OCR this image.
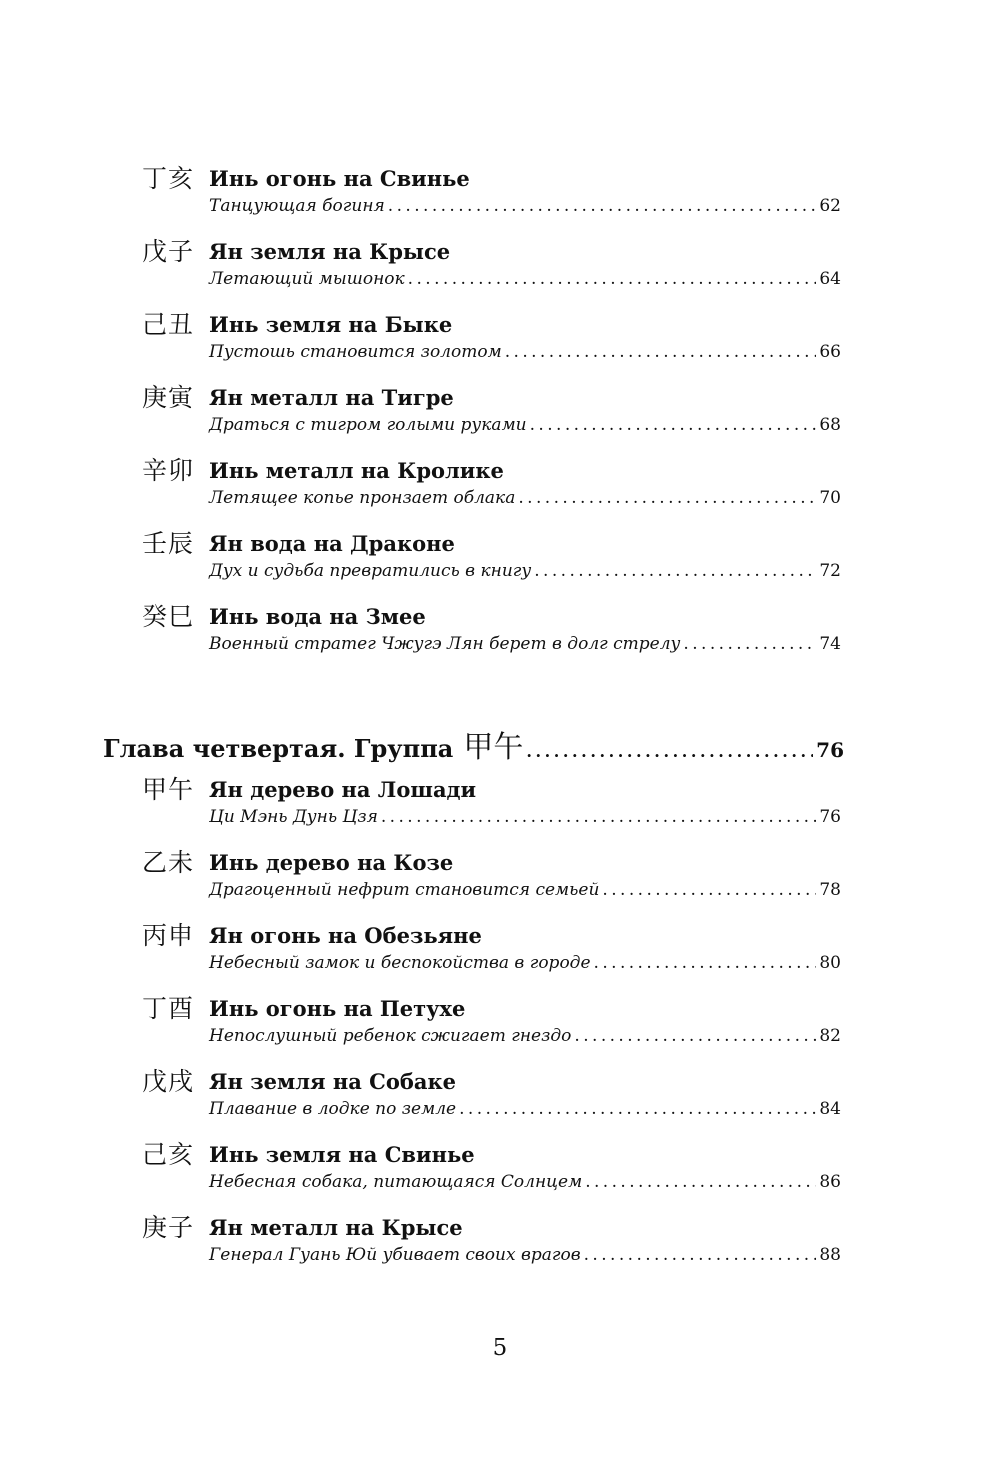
丁亥 Инь огонь на Свинье
Танцующая богиня . . .	62
戊子 Ян земля на Крысе
Летающий мышонок . . .	64
己丑 Инь земля на Быке
Пустошь становится золотом . . .	66
庚寅 Ян металл на Тигре
Драться с тигром голыми руками . . .	68
辛卯 Инь металл на Кролике
Летящее копье пронзает облака . . .	70
壬辰 Ян вода на Драконе
Дух и судьба превратились в книгу . . .	72
癸巳 Инь вода на Змее
Военный стратег Чжугэ Лян берет в долг стрелу . . .	74
Глава четвертая. Группа 甲午 . . .	76
甲午 Ян дерево на Лошади
Ци Мэнь Дунь Цзя . . .	76
乙未 Инь дерево на Козе
Драгоценный нефрит становится семьей . . .	78
丙申 Ян огонь на Обезьяне
Небесный замок и беспокойства в городе . . .	80
丁酉 Инь огонь на Петухе
Непослушный ребенок сжигает гнездо . . .	82
戊戌 Ян земля на Собаке
Плавание в лодке по земле . . .	84
己亥 Инь земля на Свинье
Небесная собака, питающаяся Солнцем . . .	86
庚子 Ян металл на Крысе
Генерал Гуань Юй убивает своих врагов . . .	88
5
